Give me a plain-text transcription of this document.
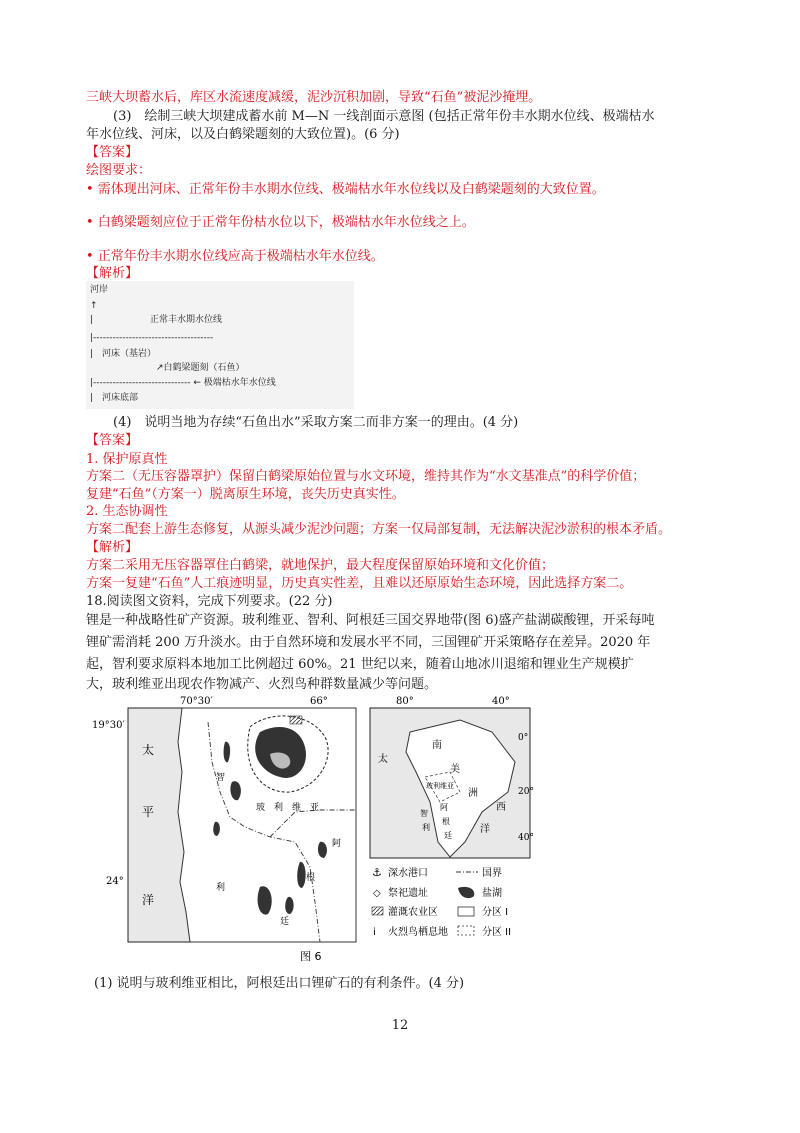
三峡大坝蓄水后，库区水流速度减缓，泥沙沉积加剧，导致“石鱼”被泥沙掩埋。
(3)　绘制三峡大坝建成蓄水前 M—N 一线剖面示意图 (包括正常年份丰水期水位线、极端枯水
年水位线、河床，以及白鹤梁题刻的大致位置)。(6 分)
【答案】
绘图要求：
• 需体现出河床、正常年份丰水期水位线、极端枯水年水位线以及白鹤梁题刻的大致位置。
• 白鹤梁题刻应位于正常年份枯水位以下，极端枯水年水位线之上。
• 正常年份丰水期水位线应高于极端枯水年水位线。
【解析】
河岸
↑
|	正常丰水期水位线
|-------------------------------------
|　河床（基岩）
↗白鹤梁题刻（石鱼）
|------------------------------ ← 极端枯水年水位线
|　河床底部
(4)　说明当地为存续“石鱼出水”采取方案二而非方案一的理由。(4 分)
【答案】
1. 保护原真性
方案二（无压容器罩护）保留白鹤梁原始位置与水文环境，维持其作为“水文基准点”的科学价值；
复建“石鱼”（方案一）脱离原生环境，丧失历史真实性。
2. 生态协调性
方案二配套上游生态修复，从源头减少泥沙问题；方案一仅局部复制，无法解决泥沙淤积的根本矛盾。
【解析】
方案二采用无压容器罩住白鹤梁，就地保护，最大程度保留原始环境和文化价值；
方案一复建“石鱼”人工痕迹明显，历史真实性差，且难以还原原始生态环境，因此选择方案二。
18.阅读图文资料，完成下列要求。(22 分)
锂是一种战略性矿产资源。玻利维亚、智利、阿根廷三国交界地带(图 6)盛产盐湖碳酸锂，开采每吨
锂矿需消耗 200 万升淡水。由于自然环境和发展水平不同，三国锂矿开采策略存在差异。2020 年
起，智利要求原料本地加工比例超过 60%。21 世纪以来，随着山地冰川退缩和锂业生产规模扩
大，玻利维亚出现农作物减产、火烈鸟种群数量减少等问题。
70°30′	66°
19°30′
24°
太
平
洋
智
玻　利　维　亚
阿
根
利
廷
80°	40°
0°
20°
40°
太
南
美
洲
西
洋
玻利维亚
阿
根
廷
智
利
⚓ 深水港口	国界
◇ 祭祀遗址	盐湖
灌溉农业区	分区 I
ⅰ 火烈鸟栖息地	分区 II
图 6
(1) 说明与玻利维亚相比，阿根廷出口锂矿石的有利条件。(4 分)
12
